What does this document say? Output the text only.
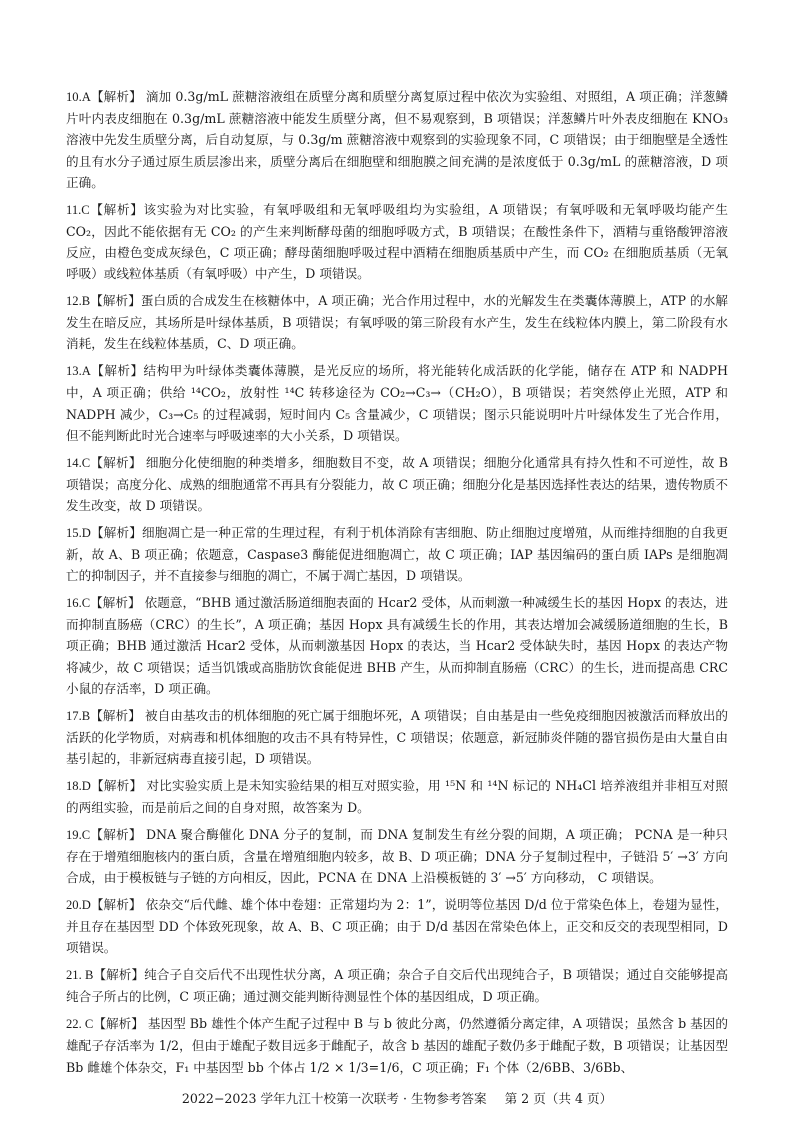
10.A【解析】 滴加 0.3g/mL 蔗糖溶液组在质壁分离和质壁分离复原过程中依次为实验组、对照组，A 项正确；洋葱鳞片叶内表皮细胞在 0.3g/mL 蔗糖溶液中能发生质壁分离，但不易观察到，B 项错误；洋葱鳞片叶外表皮细胞在 KNO₃溶液中先发生质壁分离，后自动复原，与 0.3g/m 蔗糖溶液中观察到的实验现象不同，C 项错误；由于细胞壁是全透性的且有水分子通过原生质层渗出来，质壁分离后在细胞壁和细胞膜之间充满的是浓度低于 0.3g/mL 的蔗糖溶液，D 项正确。

11.C【解析】该实验为对比实验，有氧呼吸组和无氧呼吸组均为实验组，A 项错误；有氧呼吸和无氧呼吸均能产生 CO₂，因此不能依据有无 CO₂ 的产生来判断酵母菌的细胞呼吸方式，B 项错误；在酸性条件下，酒精与重铬酸钾溶液反应，由橙色变成灰绿色，C 项正确；酵母菌细胞呼吸过程中酒精在细胞质基质中产生，而 CO₂ 在细胞质基质（无氧呼吸）或线粒体基质（有氧呼吸）中产生，D 项错误。

12.B【解析】蛋白质的合成发生在核糖体中，A 项正确；光合作用过程中，水的光解发生在类囊体薄膜上，ATP 的水解发生在暗反应，其场所是叶绿体基质，B 项错误；有氧呼吸的第三阶段有水产生，发生在线粒体内膜上，第二阶段有水消耗，发生在线粒体基质，C、D 项正确。

13.A【解析】结构甲为叶绿体类囊体薄膜，是光反应的场所，将光能转化成活跃的化学能，储存在 ATP 和 NADPH 中，A 项正确；供给 ¹⁴CO₂，放射性 ¹⁴C 转移途径为 CO₂→C₃→（CH₂O），B 项错误；若突然停止光照，ATP 和 NADPH 减少，C₃→C₅ 的过程减弱，短时间内 C₅ 含量减少，C 项错误；图示只能说明叶片叶绿体发生了光合作用，但不能判断此时光合速率与呼吸速率的大小关系，D 项错误。

14.C【解析】 细胞分化使细胞的种类增多，细胞数目不变，故 A 项错误；细胞分化通常具有持久性和不可逆性，故 B 项错误；高度分化、成熟的细胞通常不再具有分裂能力，故 C 项正确；细胞分化是基因选择性表达的结果，遗传物质不发生改变，故 D 项错误。

15.D【解析】细胞凋亡是一种正常的生理过程，有利于机体消除有害细胞、防止细胞过度增殖，从而维持细胞的自我更新，故 A、B 项正确；依题意，Caspase3 酶能促进细胞凋亡，故 C 项正确；IAP 基因编码的蛋白质 IAPs 是细胞凋亡的抑制因子，并不直接参与细胞的凋亡，不属于凋亡基因，D 项错误。

16.C【解析】 依题意，“BHB 通过激活肠道细胞表面的 Hcar2 受体，从而刺激一种减缓生长的基因 Hopx 的表达，进而抑制直肠癌（CRC）的生长”，A 项正确；基因 Hopx 具有减缓生长的作用，其表达增加会减缓肠道细胞的生长，B 项正确；BHB 通过激活 Hcar2 受体，从而刺激基因 Hopx 的表达，当 Hcar2 受体缺失时，基因 Hopx 的表达产物将减少，故 C 项错误；适当饥饿或高脂肪饮食能促进 BHB 产生，从而抑制直肠癌（CRC）的生长，进而提高患 CRC 小鼠的存活率，D 项正确。

17.B【解析】 被自由基攻击的机体细胞的死亡属于细胞坏死，A 项错误；自由基是由一些免疫细胞因被激活而释放出的活跃的化学物质，对病毒和机体细胞的攻击不具有特异性，C 项错误；依题意，新冠肺炎伴随的器官损伤是由大量自由基引起的，非新冠病毒直接引起，D 项错误。

18.D【解析】 对比实验实质上是未知实验结果的相互对照实验，用 ¹⁵N 和 ¹⁴N 标记的 NH₄Cl 培养液组并非相互对照的两组实验，而是前后之间的自身对照，故答案为 D。

19.C【解析】 DNA 聚合酶催化 DNA 分子的复制，而 DNA 复制发生有丝分裂的间期，A 项正确； PCNA 是一种只存在于增殖细胞核内的蛋白质，含量在增殖细胞内较多，故 B、D 项正确；DNA 分子复制过程中，子链沿 5′ →3′ 方向合成，由于模板链与子链的方向相反，因此，PCNA 在 DNA 上沿模板链的 3′ →5′ 方向移动， C 项错误。

20.D【解析】 依杂交“后代雌、雄个体中卷翅：正常翅均为 2：1”，说明等位基因 D/d 位于常染色体上，卷翅为显性，并且存在基因型 DD 个体致死现象，故 A、B、C 项正确；由于 D/d 基因在常染色体上，正交和反交的表现型相同，D 项错误。

21. B【解析】纯合子自交后代不出现性状分离，A 项正确；杂合子自交后代出现纯合子，B 项错误；通过自交能够提高纯合子所占的比例，C 项正确；通过测交能判断待测显性个体的基因组成，D 项正确。

22. C【解析】 基因型 Bb 雄性个体产生配子过程中 B 与 b 彼此分离，仍然遵循分离定律，A 项错误；虽然含 b 基因的雄配子存活率为 1/2，但由于雄配子数目远多于雌配子，故含 b 基因的雄配子数仍多于雌配子数，B 项错误；让基因型 Bb 雌雄个体杂交，F₁ 中基因型 bb 个体占 1/2 × 1/3=1/6，C 项正确；F₁ 个体（2/6BB、3/6Bb、

2022−2023 学年九江十校第一次联考 · 生物参考答案 第 2 页（共 4 页）
